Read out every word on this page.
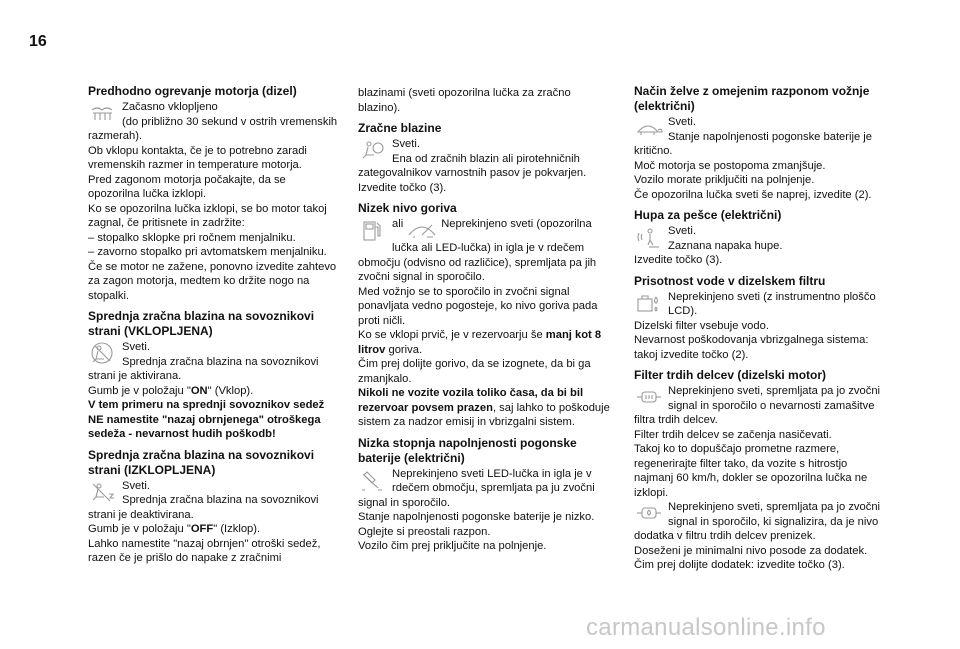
16
Predhodno ogrevanje motorja (dizel)

Začasno vklopljeno

(do približno 30 sekund v ostrih vremenskih razmerah).

Ob vklopu kontakta, če je to potrebno zaradi vremenskih razmer in temperature motorja.

Pred zagonom motorja počakajte, da se opozorilna lučka izklopi.

Ko se opozorilna lučka izklopi, se bo motor takoj zagnal, če pritisnete in zadržite:

– stopalko sklopke pri ročnem menjalniku.

– zavorno stopalko pri avtomatskem menjalniku.

Če se motor ne zažene, ponovno izvedite zahtevo za zagon motorja, medtem ko držite nogo na stopalki.

Sprednja zračna blazina na sovoznikovi strani (VKLOPLJENA)

Sveti.

Sprednja zračna blazina na sovoznikovi strani je aktivirana.

Gumb je v položaju "ON" (Vklop).

V tem primeru na sprednji sovoznikov sedež NE namestite "nazaj obrnjenega" otroškega sedeža - nevarnost hudih poškodb!

Sprednja zračna blazina na sovoznikovi strani (IZKLOPLJENA)

Sveti.

Sprednja zračna blazina na sovoznikovi strani je deaktivirana.

Gumb je v položaju "OFF" (Izklop).

Lahko namestite "nazaj obrnjen" otroški sedež, razen če je prišlo do napake z zračnimi

blazinami (sveti opozorilna lučka za zračno blazino).

Zračne blazine

Sveti.

Ena od zračnih blazin ali pirotehničnih zategovalnikov varnostnih pasov je pokvarjen.

Izvedite točko (3).

Nizek nivo goriva

ali	Neprekinjeno sveti (opozorilna lučka ali LED-lučka) in igla je v rdečem območju (odvisno od različice), spremljata pa jih zvočni signal in sporočilo.

Med vožnjo se to sporočilo in zvočni signal ponavljata vedno pogosteje, ko nivo goriva pada proti ničli.

Ko se vklopi prvič, je v rezervoarju še manj kot 8 litrov goriva.

Čim prej dolijte gorivo, da se izognete, da bi ga zmanjkalo.

Nikoli ne vozite vozila toliko časa, da bi bil rezervoar povsem prazen, saj lahko to poškoduje sistem za nadzor emisij in vbrizgalni sistem.

Nizka stopnja napolnjenosti pogonske baterije (električni)

Neprekinjeno sveti LED-lučka in igla je v rdečem območju, spremljata pa ju zvočni signal in sporočilo.

Stanje napolnjenosti pogonske baterije je nizko.

Oglejte si preostali razpon.

Vozilo čim prej priključite na polnjenje.

Način želve z omejenim razponom vožnje (električni)

Sveti.

Stanje napolnjenosti pogonske baterije je kritično.

Moč motorja se postopoma zmanjšuje.

Vozilo morate priključiti na polnjenje.

Če opozorilna lučka sveti še naprej, izvedite (2).

Hupa za pešce (električni)

Sveti.

Zaznana napaka hupe.

Izvedite točko (3).

Prisotnost vode v dizelskem filtru

Neprekinjeno sveti (z instrumentno ploščo LCD).

Dizelski filter vsebuje vodo.

Nevarnost poškodovanja vbrizgalnega sistema: takoj izvedite točko (2).

Filter trdih delcev (dizelski motor)

Neprekinjeno sveti, spremljata pa jo zvočni signal in sporočilo o nevarnosti zamašitve filtra trdih delcev.

Filter trdih delcev se začenja nasičevati.

Takoj ko to dopuščajo prometne razmere, regenerirajte filter tako, da vozite s hitrostjo najmanj 60 km/h, dokler se opozorilna lučka ne izklopi.

Neprekinjeno sveti, spremljata pa jo zvočni signal in sporočilo, ki signalizira, da je nivo dodatka v filtru trdih delcev prenizek.

Doseženi je minimalni nivo posode za dodatek.

Čim prej dolijte dodatek: izvedite točko (3).

carmanualsonline.info
